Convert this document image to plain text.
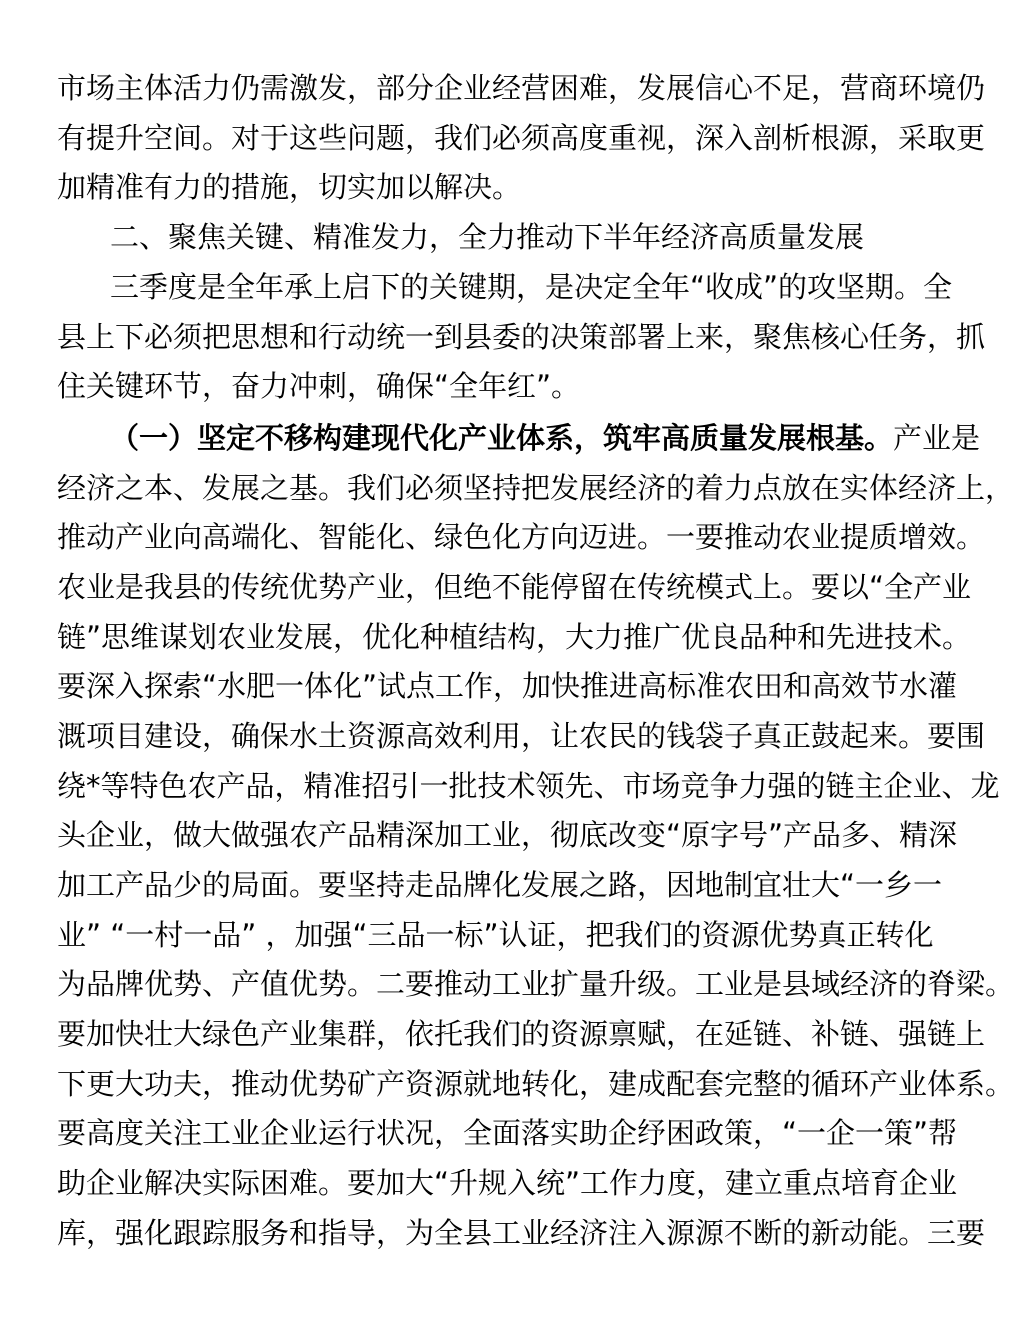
市场主体活力仍需激发，部分企业经营困难，发展信心不足，营商环境仍
有提升空间。对于这些问题，我们必须高度重视，深入剖析根源，采取更
加精准有力的措施，切实加以解决。
二、聚焦关键、精准发力，全力推动下半年经济高质量发展
三季度是全年承上启下的关键期，是决定全年“收成”的攻坚期。全
县上下必须把思想和行动统一到县委的决策部署上来，聚焦核心任务，抓
住关键环节，奋力冲刺，确保“全年红”。
（一）坚定不移构建现代化产业体系，筑牢高质量发展根基。产业是
经济之本、发展之基。我们必须坚持把发展经济的着力点放在实体经济上，
推动产业向高端化、智能化、绿色化方向迈进。一要推动农业提质增效。
农业是我县的传统优势产业，但绝不能停留在传统模式上。要以“全产业
链”思维谋划农业发展，优化种植结构，大力推广优良品种和先进技术。
要深入探索“水肥一体化”试点工作，加快推进高标准农田和高效节水灌
溉项目建设，确保水土资源高效利用，让农民的钱袋子真正鼓起来。要围
绕*等特色农产品，精准招引一批技术领先、市场竞争力强的链主企业、龙
头企业，做大做强农产品精深加工业，彻底改变“原字号”产品多、精深
加工产品少的局面。要坚持走品牌化发展之路，因地制宜壮大“一乡一
业” “一村一品” ，加强“三品一标”认证，把我们的资源优势真正转化
为品牌优势、产值优势。二要推动工业扩量升级。工业是县域经济的脊梁。
要加快壮大绿色产业集群，依托我们的资源禀赋，在延链、补链、强链上
下更大功夫，推动优势矿产资源就地转化，建成配套完整的循环产业体系。
要高度关注工业企业运行状况，全面落实助企纾困政策，“一企一策”帮
助企业解决实际困难。要加大“升规入统”工作力度，建立重点培育企业
库，强化跟踪服务和指导，为全县工业经济注入源源不断的新动能。三要
